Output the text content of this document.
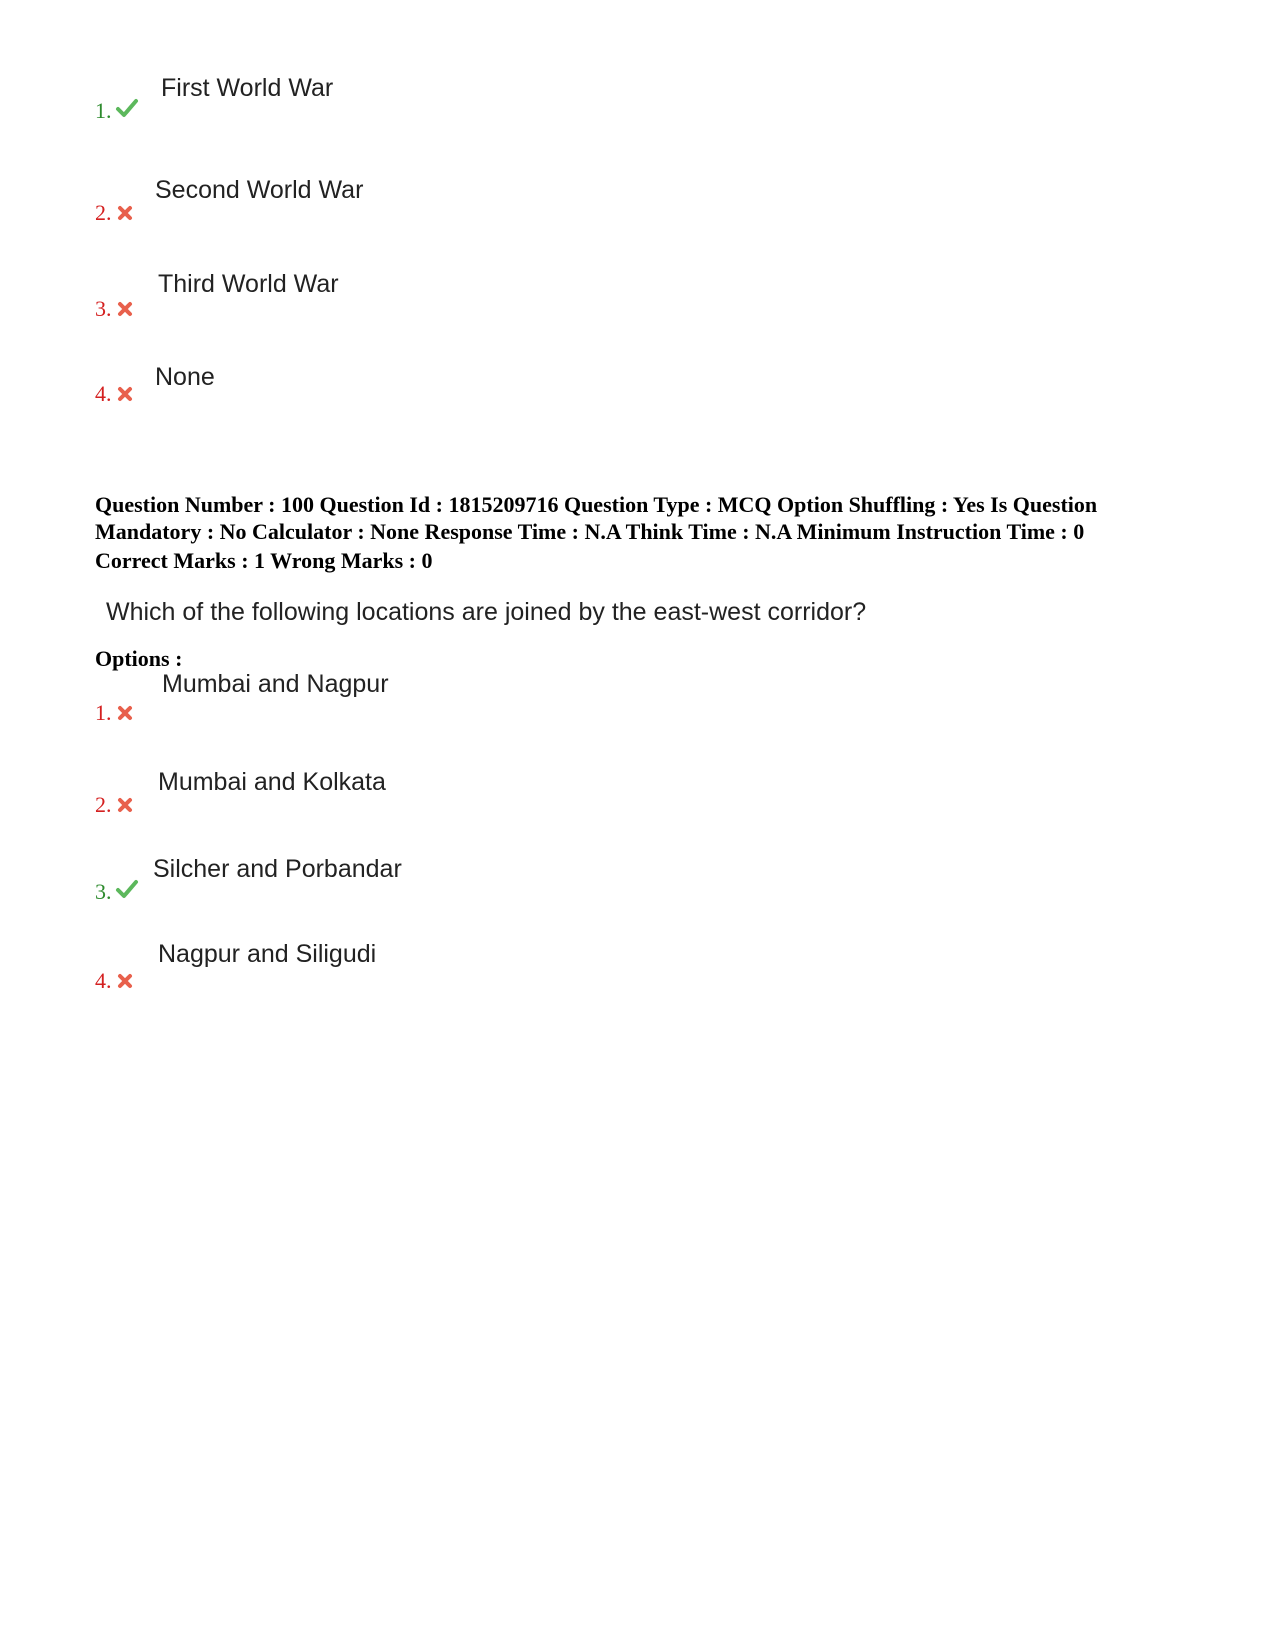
1.
First World War
2.
Second World War
3.
Third World War
4.
None

Question Number : 100 Question Id : 1815209716 Question Type : MCQ Option Shuffling : Yes Is Question Mandatory : No Calculator : None Response Time : N.A Think Time : N.A Minimum Instruction Time : 0

Correct Marks : 1 Wrong Marks : 0
Which of the following locations are joined by the east-west corridor?
Options :
1.
Mumbai and Nagpur
2.
Mumbai and Kolkata
3.
Silcher and Porbandar
4.
Nagpur and Siligudi
